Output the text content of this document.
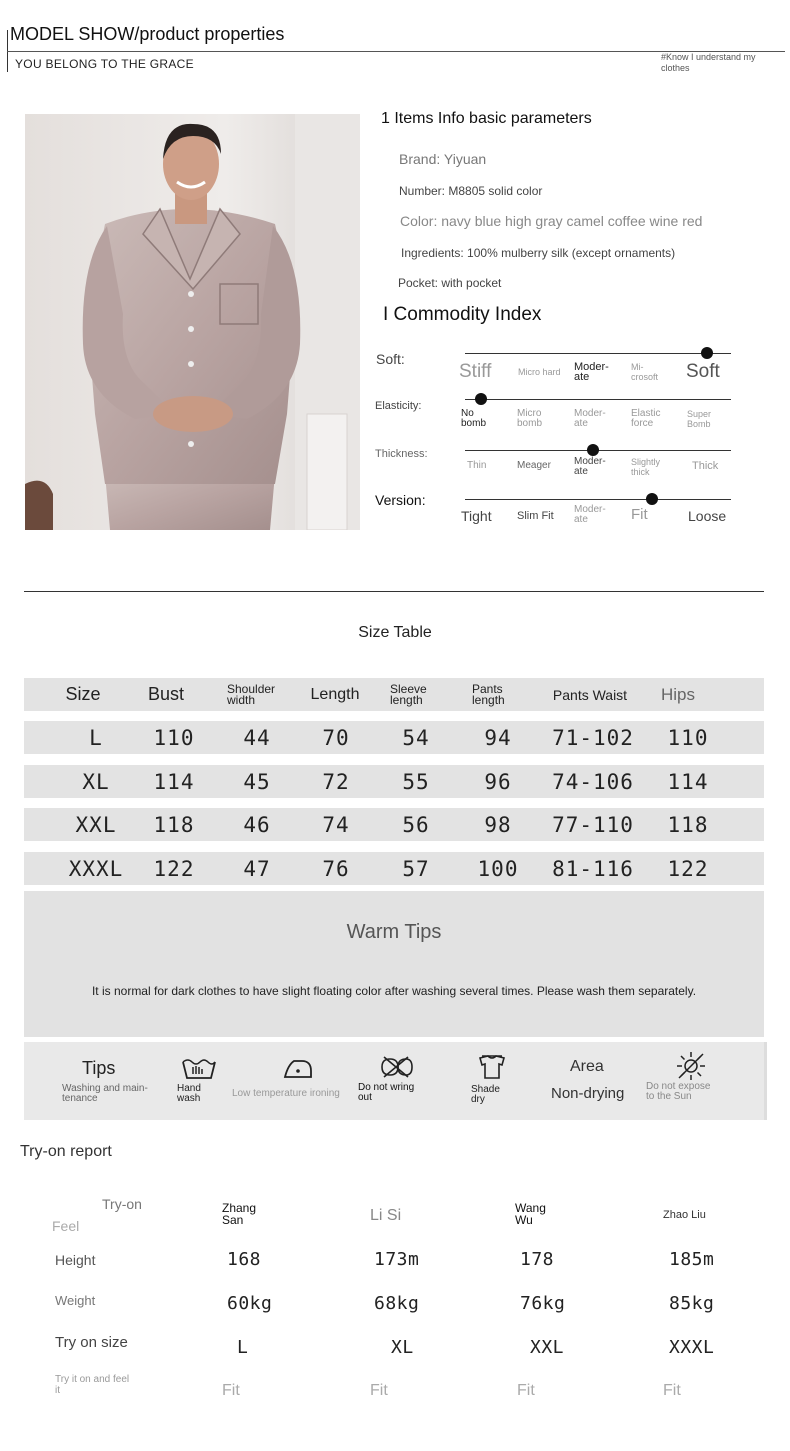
MODEL SHOW/product properties
YOU BELONG TO THE GRACE	#Know I understand my clothes
1 Items Info basic parameters
Brand: Yiyuan
Number: M8805 solid color
Color: navy blue high gray camel coffee wine red
Ingredients: 100% mulberry silk (except ornaments)
Pocket: with pocket
I Commodity Index
Soft:
Stiff	Micro hard Moder-
ate
Mi-
crosoft Soft
Elasticity:
No
bomb
Micro
bomb
Moder-
ate
Elastic
force
Super
Bomb
Thickness:
Thin	Meager Moder-
ate
Slightly
thick	Thick
Version:
Tight Slim Fit
Moder-
ate	Fit	Loose
Size Table
Size	Bust	Shoulder
width	Length	Sleeve
length
Pants
length	Pants Waist	Hips
L	110	44	70	54	94	71-102	110
XL	114	45	72	55	96	74-106	114
XXL	118	46	74	56	98	77-110	118
XXXL	122	47	76	57	100	81-116	122
Warm Tips
It is normal for dark clothes to have slight floating color after washing several times. Please wash them separately.
Tips
Washing and main-
tenance
Hand
wash	Low temperature ironing
Do not wring
out
Shade
dry
Area
Non-drying Do not expose
to the Sun
Try-on report
Try-on
Feel
Zhang
San	Li Si	Wang
Wu	Zhao Liu
Height	168	173m	178	185m
Weight	60kg	68kg	76kg	85kg
Try on size	L	XL	XXL	XXXL
Try it on and feel
it	Fit	Fit	Fit	Fit
